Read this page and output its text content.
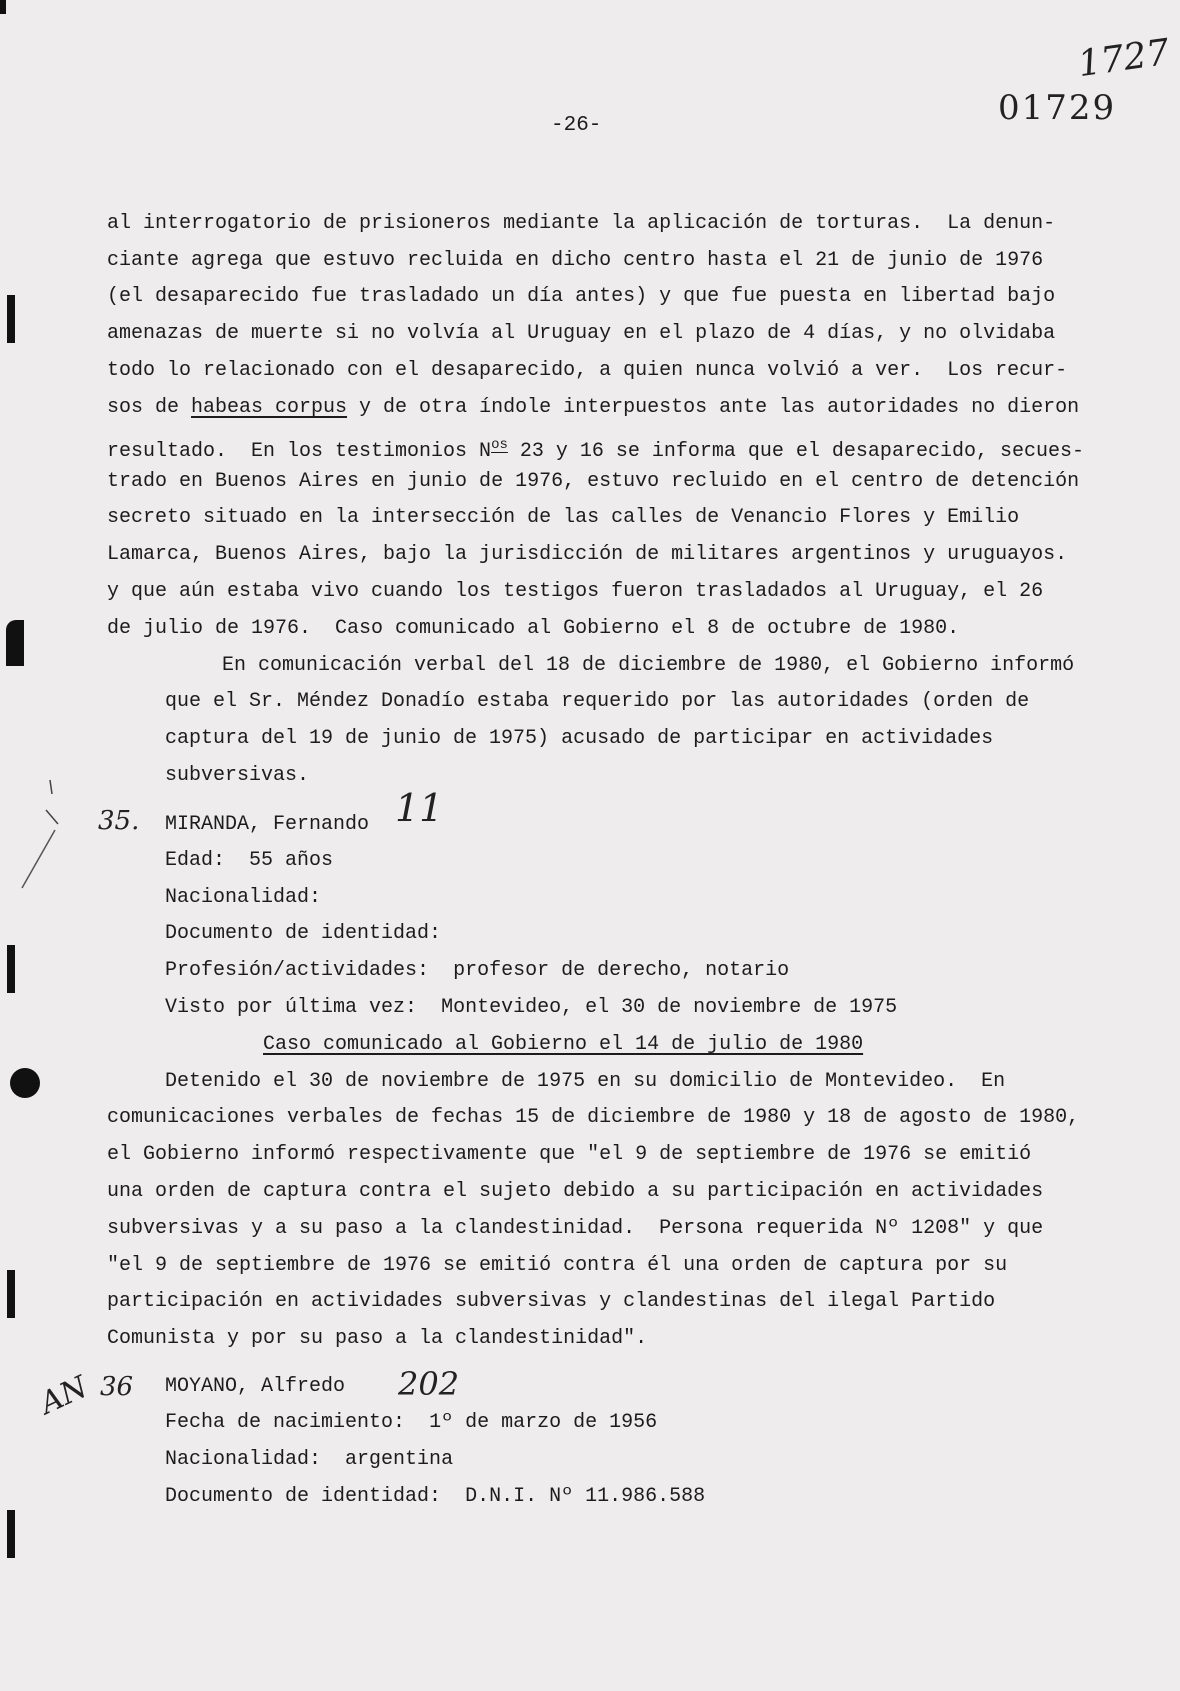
-26-	01729
1727
al interrogatorio de prisioneros mediante la aplicación de torturas.  La denun-
ciante agrega que estuvo recluida en dicho centro hasta el 21 de junio de 1976
(el desaparecido fue trasladado un día antes) y que fue puesta en libertad bajo
amenazas de muerte si no volvía al Uruguay en el plazo de 4 días, y no olvidaba
todo lo relacionado con el desaparecido, a quien nunca volvió a ver.  Los recur-
sos de habeas corpus y de otra índole interpuestos ante las autoridades no dieron
resultado.  En los testimonios $N^{os}$ 23 y 16 se informa que el desaparecido, secues-
trado en Buenos Aires en junio de 1976, estuvo recluido en el centro de detención
secreto situado en la intersección de las calles de Venancio Flores y Emilio
Lamarca, Buenos Aires, bajo la jurisdicción de militares argentinos y uruguayos.
y que aún estaba vivo cuando los testigos fueron trasladados al Uruguay, el 26
de julio de 1976.  Caso comunicado al Gobierno el 8 de octubre de 1980.
En comunicación verbal del 18 de diciembre de 1980, el Gobierno informó
que el Sr. Méndez Donadío estaba requerido por las autoridades (orden de
captura del 19 de junio de 1975) acusado de participar en actividades
subversivas.
35. MIRANDA, Fernando 11
Edad: 55 años
Nacionalidad:
Documento de identidad:
Profesión/actividades: profesor de derecho, notario
Visto por última vez: Montevideo, el 30 de noviembre de 1975
Caso comunicado al Gobierno el 14 de julio de 1980
Detenido el 30 de noviembre de 1975 en su domicilio de Montevideo.  En
comunicaciones verbales de fechas 15 de diciembre de 1980 y 18 de agosto de 1980,
el Gobierno informó respectivamente que "el 9 de septiembre de 1976 se emitió
una orden de captura contra el sujeto debido a su participación en actividades
subversivas y a su paso a la clandestinidad.  Persona requerida Nº 1208" y que
"el 9 de septiembre de 1976 se emitió contra él una orden de captura por su
participación en actividades subversivas y clandestinas del ilegal Partido
Comunista y por su paso a la clandestinidad".
AN 36 MOYANO, Alfredo 202
Fecha de nacimiento: 1º de marzo de 1956
Nacionalidad: argentina
Documento de identidad: D.N.I. Nº 11.986.588
